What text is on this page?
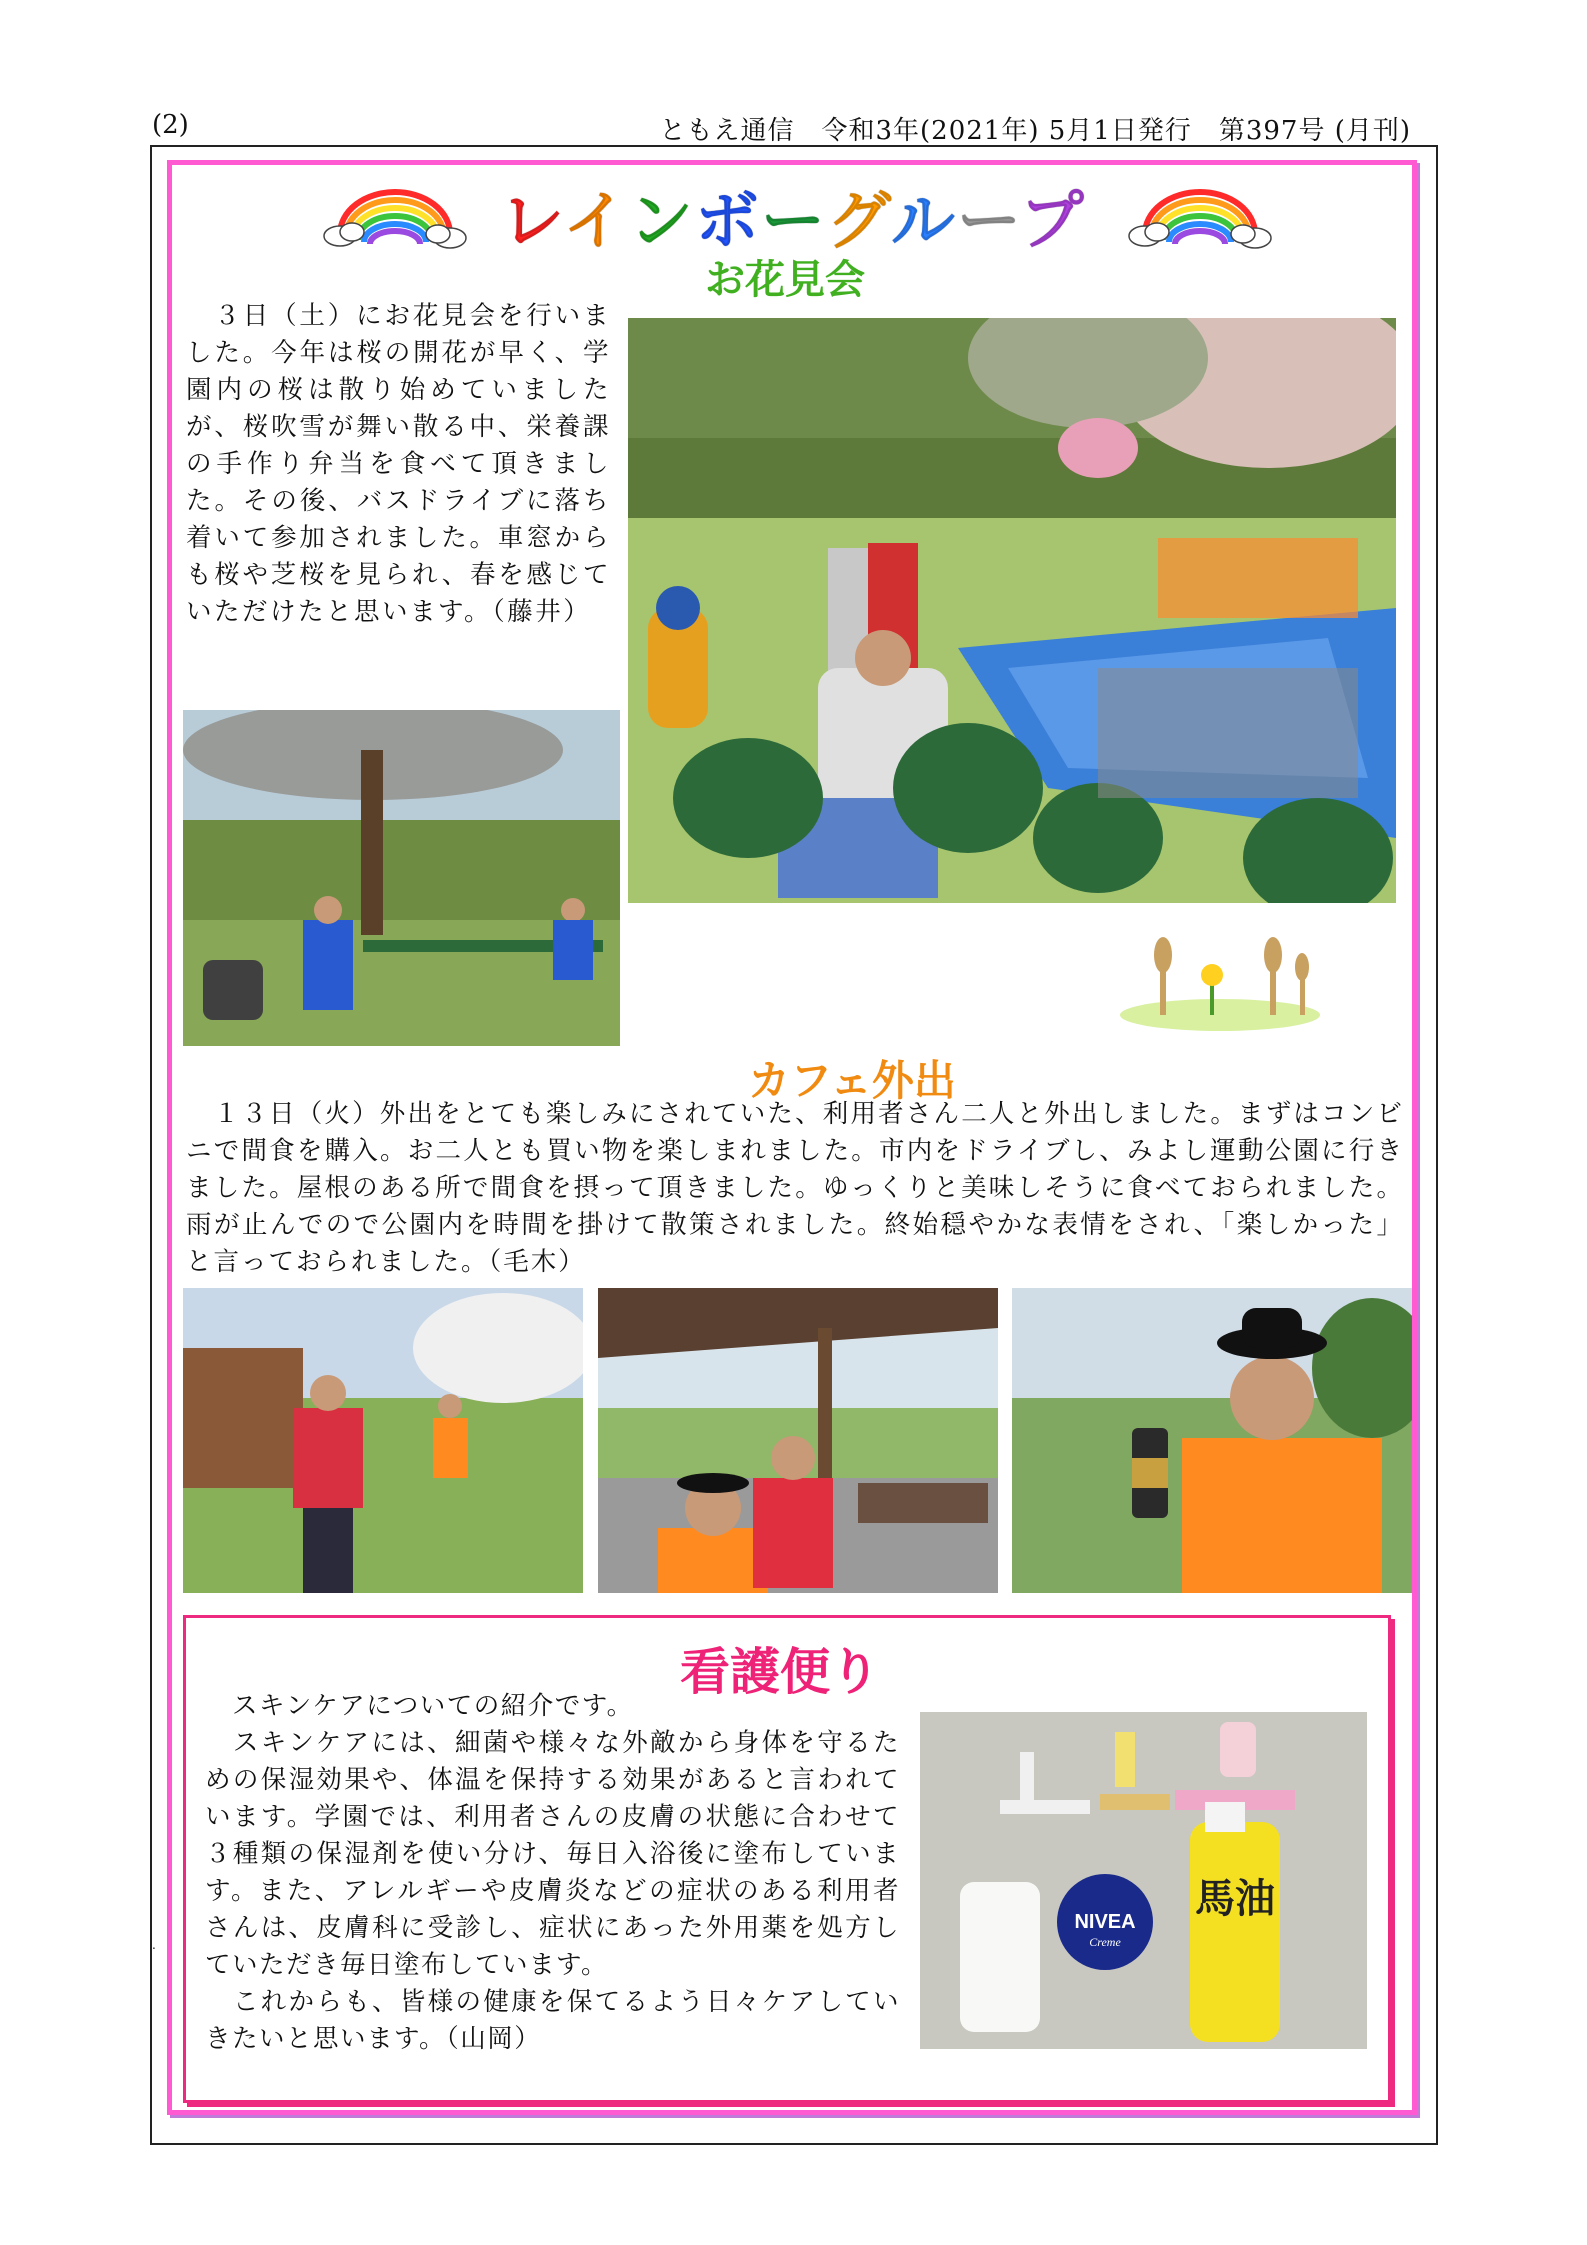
(2)	ともえ通信　令和3年(2021年) 5月1日発行　第397号 (月刊)
レインボーグループ
お花見会
　３日（土）にお花見会を行いました。今年は桜の開花が早く、学園内の桜は散り始めていましたが、桜吹雪が舞い散る中、栄養課の手作り弁当を食べて頂きました。その後、バスドライブに落ち着いて参加されました。車窓からも桜や芝桜を見られ、春を感じていただけたと思います。（藤井）
カフェ外出
　１３日（火）外出をとても楽しみにされていた、利用者さん二人と外出しました。まずはコンビニで間食を購入。お二人とも買い物を楽しまれました。市内をドライブし、みよし運動公園に行きました。屋根のある所で間食を摂って頂きました。ゆっくりと美味しそうに食べておられました。雨が止んでので公園内を時間を掛けて散策されました。終始穏やかな表情をされ、「楽しかった」と言っておられました。（毛木）
看護便り
　スキンケアについての紹介です。
　スキンケアには、細菌や様々な外敵から身体を守るための保湿効果や、体温を保持する効果があると言われています。学園では、利用者さんの皮膚の状態に合わせて３種類の保湿剤を使い分け、毎日入浴後に塗布しています。また、アレルギーや皮膚炎などの症状のある利用者さんは、皮膚科に受診し、症状にあった外用薬を処方していただき毎日塗布しています。
　これからも、皆様の健康を保てるよう日々ケアしていきたいと思います。（山岡）
NIVEA
Creme
馬油
.
